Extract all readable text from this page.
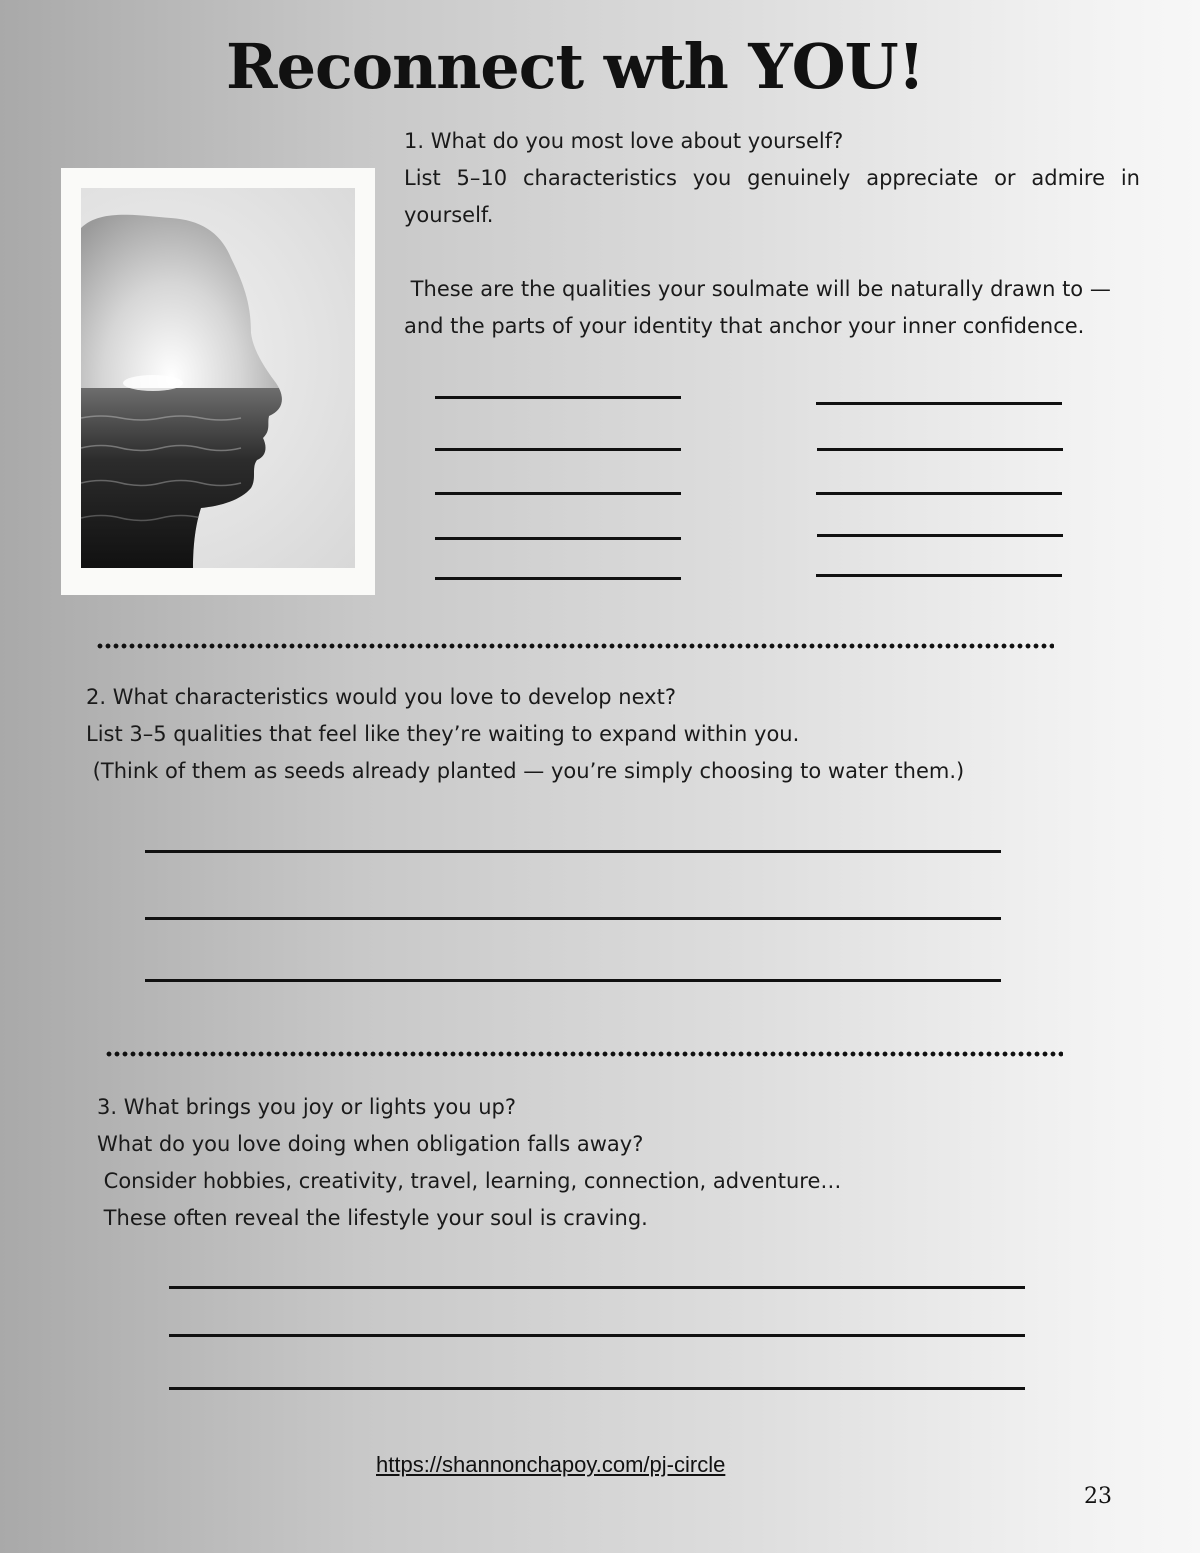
Reconnect wth YOU!
1. What do you most love about yourself?
List 5–10 characteristics you genuinely appreciate or admire in
yourself.
These are the qualities your soulmate will be naturally drawn to —
and the parts of your identity that anchor your inner confidence.
2. What characteristics would you love to develop next?
List 3–5 qualities that feel like they’re waiting to expand within you.
(Think of them as seeds already planted — you’re simply choosing to water them.)
3. What brings you joy or lights you up?
What do you love doing when obligation falls away?
Consider hobbies, creativity, travel, learning, connection, adventure…
These often reveal the lifestyle your soul is craving.
https://shannonchapoy.com/pj-circle
23
